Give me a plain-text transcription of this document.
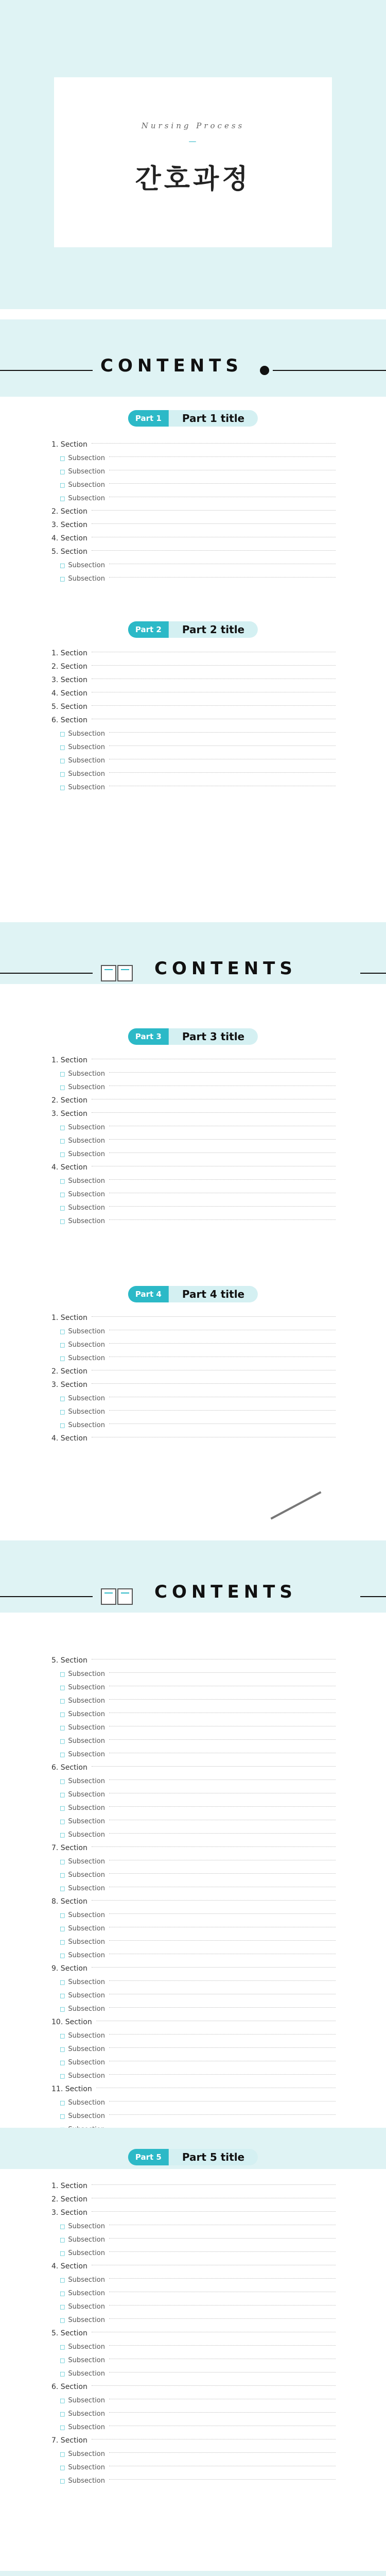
Nursing Process
—
간호과정
CONTENTS
Part 1	Part 1 title
1. Section
□ Subsection
□ Subsection
□ Subsection
□ Subsection
2. Section
3. Section
4. Section
5. Section
□ Subsection
□ Subsection
Part 2	Part 2 title
1. Section
2. Section
3. Section
4. Section
5. Section
6. Section
□ Subsection
□ Subsection
□ Subsection
□ Subsection
□ Subsection
CONTENTS
Part 3	Part 3 title
1. Section
□ Subsection
□ Subsection
2. Section
3. Section
□ Subsection
□ Subsection
□ Subsection
4. Section
□ Subsection
□ Subsection
□ Subsection
□ Subsection
Part 4	Part 4 title
1. Section
□ Subsection
□ Subsection
□ Subsection
2. Section
3. Section
□ Subsection
□ Subsection
□ Subsection
4. Section
CONTENTS
5. Section
□ Subsection
□ Subsection
□ Subsection
□ Subsection
□ Subsection
□ Subsection
□ Subsection
6. Section
□ Subsection
□ Subsection
□ Subsection
□ Subsection
□ Subsection
7. Section
□ Subsection
□ Subsection
□ Subsection
8. Section
□ Subsection
□ Subsection
□ Subsection
□ Subsection
9. Section
□ Subsection
□ Subsection
□ Subsection
10. Section
□ Subsection
□ Subsection
□ Subsection
□ Subsection
11. Section
□ Subsection
□ Subsection
□
Part 5	Part 5 title
1. Section
2. Section
3. Section
□ Subsection
□ Subsection
□ Subsection
4. Section
□ Subsection
□ Subsection
□ Subsection
□ Subsection
5. Section
□ Subsection
□ Subsection
□ Subsection
6. Section
□ Subsection
□ Subsection
□ Subsection
7. Section
□ Subsection
□ Subsection
□ Subsection
